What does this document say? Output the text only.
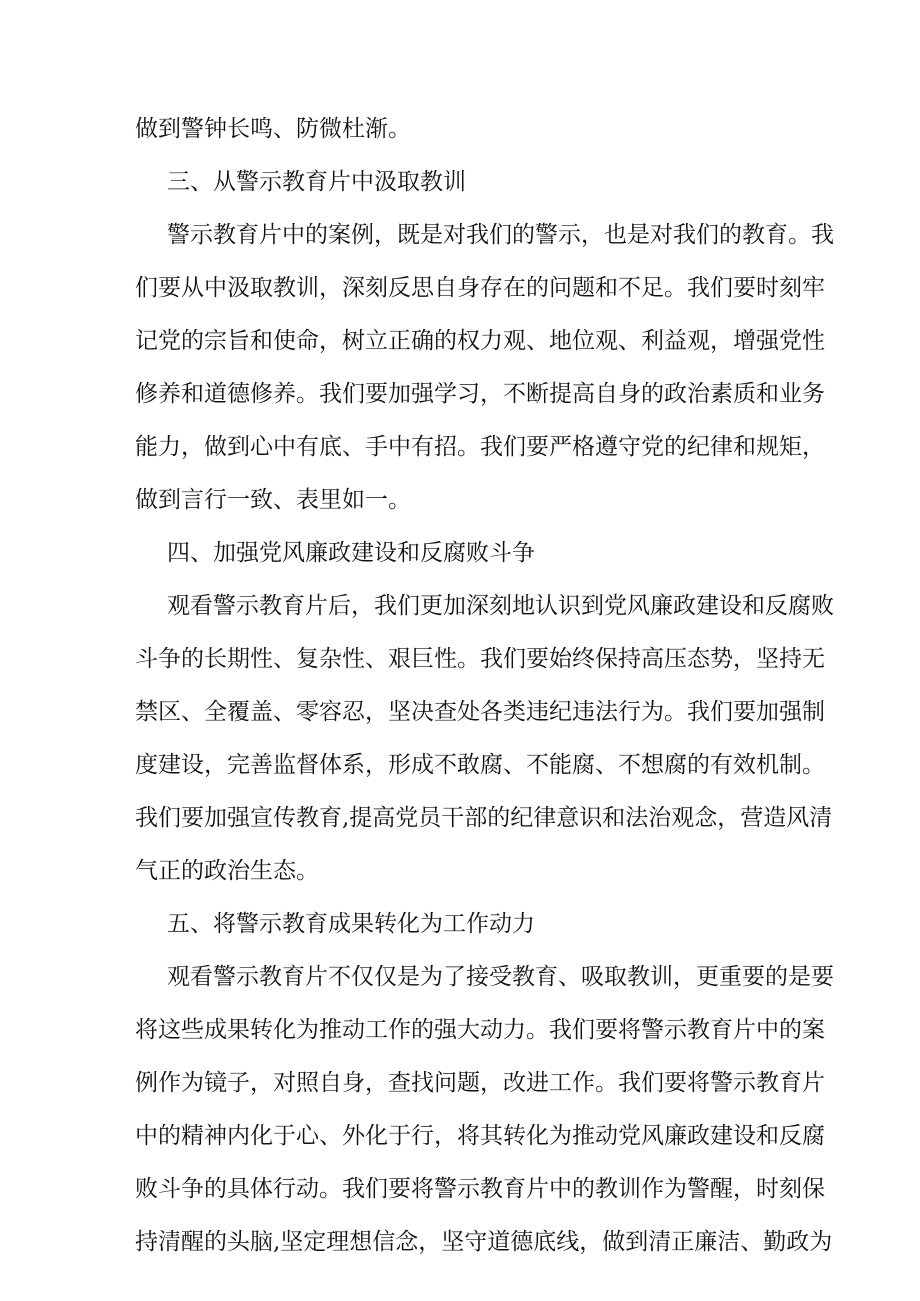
做到警钟长鸣、防微杜渐。
三、从警示教育片中汲取教训
警示教育片中的案例，既是对我们的警示，也是对我们的教育。我
们要从中汲取教训，深刻反思自身存在的问题和不足。我们要时刻牢
记党的宗旨和使命，树立正确的权力观、地位观、利益观，增强党性
修养和道德修养。我们要加强学习，不断提高自身的政治素质和业务
能力，做到心中有底、手中有招。我们要严格遵守党的纪律和规矩，
做到言行一致、表里如一。
四、加强党风廉政建设和反腐败斗争
观看警示教育片后，我们更加深刻地认识到党风廉政建设和反腐败
斗争的长期性、复杂性、艰巨性。我们要始终保持高压态势，坚持无
禁区、全覆盖、零容忍，坚决查处各类违纪违法行为。我们要加强制
度建设，完善监督体系，形成不敢腐、不能腐、不想腐的有效机制。
我们要加强宣传教育,提高党员干部的纪律意识和法治观念，营造风清
气正的政治生态。
五、将警示教育成果转化为工作动力
观看警示教育片不仅仅是为了接受教育、吸取教训，更重要的是要
将这些成果转化为推动工作的强大动力。我们要将警示教育片中的案
例作为镜子，对照自身，查找问题，改进工作。我们要将警示教育片
中的精神内化于心、外化于行，将其转化为推动党风廉政建设和反腐
败斗争的具体行动。我们要将警示教育片中的教训作为警醒，时刻保
持清醒的头脑,坚定理想信念，坚守道德底线，做到清正廉洁、勤政为
